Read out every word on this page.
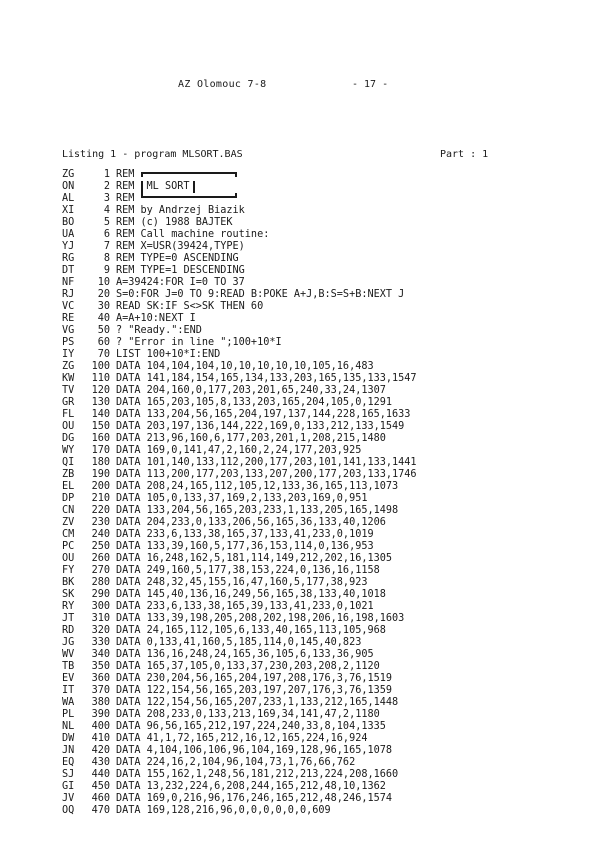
AZ Olomouc 7-8	- 17 -
Listing 1 - program MLSORT.BAS	Part : 1
ZG	1 REM

ON	2 REM
	ML SORT
AL	3 REM

XI	4 REM by Andrzej Biazik
BO	5 REM (c) 1988 BAJTEK
UA	6 REM Call machine routine:
YJ	7 REM X=USR(39424,TYPE)
RG	8 REM TYPE=0 ASCENDING
DT	9 REM TYPE=1 DESCENDING
NF	10 A=39424:FOR I=0 TO 37
RJ	20 S=0:FOR J=0 TO 9:READ B:POKE A+J,B:S=S+B:NEXT J
VC	30 READ SK:IF S<>SK THEN 60
RE	40 A=A+10:NEXT I
VG	50 ? "Ready.":END
PS	60 ? "Error in line ";100+10*I
IY	70 LIST 100+10*I:END
ZG	100 DATA 104,104,104,10,10,10,10,10,105,16,483
KW	110 DATA 141,184,154,165,134,133,203,165,135,133,1547
TV	120 DATA 204,160,0,177,203,201,65,240,33,24,1307
GR	130 DATA 165,203,105,8,133,203,165,204,105,0,1291
FL	140 DATA 133,204,56,165,204,197,137,144,228,165,1633
OU	150 DATA 203,197,136,144,222,169,0,133,212,133,1549
DG	160 DATA 213,96,160,6,177,203,201,1,208,215,1480
WY	170 DATA 169,0,141,47,2,160,2,24,177,203,925
QI	180 DATA 101,140,133,112,200,177,203,101,141,133,1441
ZB	190 DATA 113,200,177,203,133,207,200,177,203,133,1746
EL	200 DATA 208,24,165,112,105,12,133,36,165,113,1073
DP	210 DATA 105,0,133,37,169,2,133,203,169,0,951
CN	220 DATA 133,204,56,165,203,233,1,133,205,165,1498
ZV	230 DATA 204,233,0,133,206,56,165,36,133,40,1206
CM	240 DATA 233,6,133,38,165,37,133,41,233,0,1019
PC	250 DATA 133,39,160,5,177,36,153,114,0,136,953
OU	260 DATA 16,248,162,5,181,114,149,212,202,16,1305
FY	270 DATA 249,160,5,177,38,153,224,0,136,16,1158
BK	280 DATA 248,32,45,155,16,47,160,5,177,38,923
SK	290 DATA 145,40,136,16,249,56,165,38,133,40,1018
RY	300 DATA 233,6,133,38,165,39,133,41,233,0,1021
JT	310 DATA 133,39,198,205,208,202,198,206,16,198,1603
RD	320 DATA 24,165,112,105,6,133,40,165,113,105,968
JG	330 DATA 0,133,41,160,5,185,114,0,145,40,823
WV	340 DATA 136,16,248,24,165,36,105,6,133,36,905
TB	350 DATA 165,37,105,0,133,37,230,203,208,2,1120
EV	360 DATA 230,204,56,165,204,197,208,176,3,76,1519
IT	370 DATA 122,154,56,165,203,197,207,176,3,76,1359
WA	380 DATA 122,154,56,165,207,233,1,133,212,165,1448
PL	390 DATA 208,233,0,133,213,169,34,141,47,2,1180
NL	400 DATA 96,56,165,212,197,224,240,33,8,104,1335
DW	410 DATA 41,1,72,165,212,16,12,165,224,16,924
JN	420 DATA 4,104,106,106,96,104,169,128,96,165,1078
EQ	430 DATA 224,16,2,104,96,104,73,1,76,66,762
SJ	440 DATA 155,162,1,248,56,181,212,213,224,208,1660
GI	450 DATA 13,232,224,6,208,244,165,212,48,10,1362
JV	460 DATA 169,0,216,96,176,246,165,212,48,246,1574
OQ	470 DATA 169,128,216,96,0,0,0,0,0,0,609
